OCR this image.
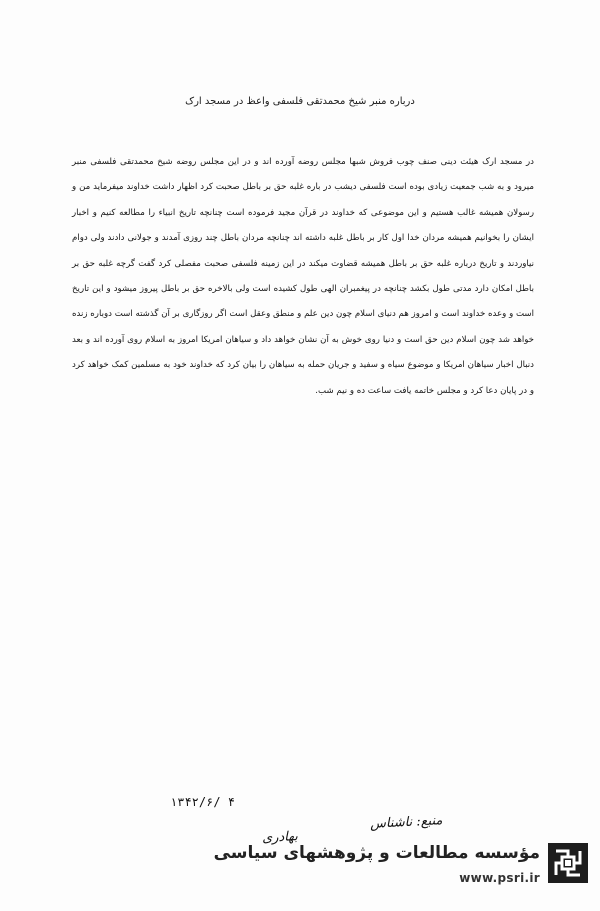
درباره منبر شیخ محمدتقی فلسفی واعظ در مسجد ارک

در مسجد ارک هیئت دینی صنف چوب فروش شبها مجلس روضه آورده اند و در این مجلس روضه شیخ محمدتقی فلسفی منبر میرود و به شب جمعیت زیادی بوده است فلسفی دیشب در باره غلبه حق بر باطل صحبت کرد اظهار داشت خداوند میفرماید من و رسولان همیشه غالب هستیم و این موضوعی که خداوند در قرآن مجید فرموده است چنانچه تاریخ انبیاء را مطالعه کنیم و اخبار ایشان را بخوانیم همیشه مردان خدا اول کار بر باطل غلبه داشته اند چنانچه مردان باطل چند روزی آمدند و جولانی دادند ولی دوام نیاوردند و تاریخ درباره غلبه حق بر باطل همیشه قضاوت میکند در این زمینه فلسفی صحبت مفصلی کرد گفت گرچه غلبه حق بر باطل امکان دارد مدتی طول بکشد چنانچه در پیغمبران الهی طول کشیده است ولی بالاخره حق بر باطل پیروز میشود و این تاریخ است و وعده خداوند است و امروز هم دنیای اسلام چون دین علم و منطق وعقل است اگر روزگاری بر آن گذشته است دوباره زنده خواهد شد چون اسلام دین حق است و دنیا روی خوش به آن نشان خواهد داد و سیاهان امریکا امروز به اسلام روی آورده اند و بعد دنبال اخبار سیاهان امریکا و موضوع سیاه و سفید و جریان حمله به سیاهان را بیان کرد که خداوند خود به مسلمین کمک خواهد کرد و در پایان دعا کرد و مجلس خاتمه یافت ساعت ده و نیم شب.

۱۳۴۲/۶/ ۴
منبع: ناشناس
بهادری
مؤسسه مطالعات و پژوهشهای سیاسی
www.psri.ir
